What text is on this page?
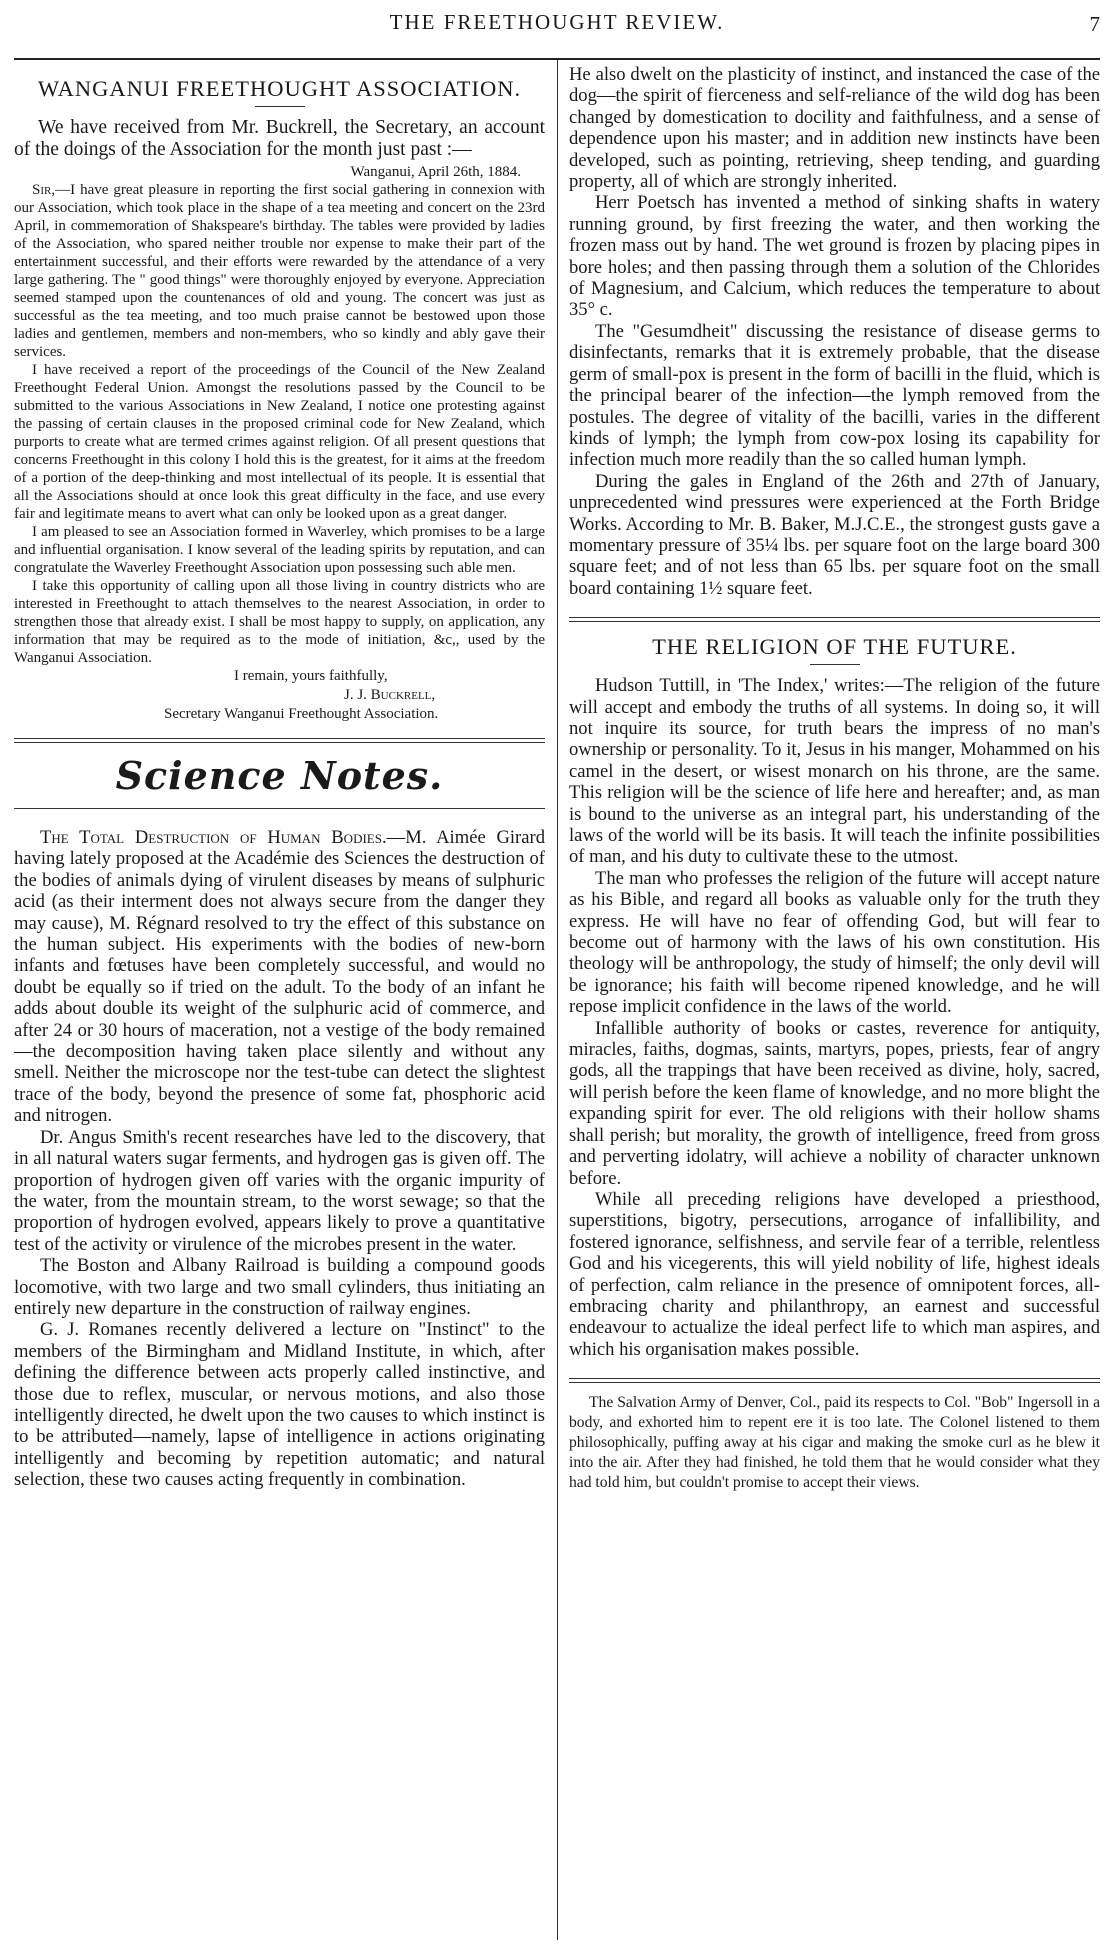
THE FREETHOUGHT REVIEW.	7
WANGANUI FREETHOUGHT ASSOCIATION.

We have received from Mr. Buckrell, the Secretary, an account of the doings of the Association for the month just past :—

Wanganui, April 26th, 1884.

Sir,—I have great pleasure in reporting the first social gathering in connexion with our Association, which took place in the shape of a tea meeting and concert on the 23rd April, in commemoration of Shakspeare's birthday. The tables were provided by ladies of the Association, who spared neither trouble nor expense to make their part of the entertainment successful, and their efforts were rewarded by the attendance of a very large gathering. The " good things" were thoroughly enjoyed by everyone. Appreciation seemed stamped upon the countenances of old and young. The concert was just as successful as the tea meeting, and too much praise cannot be bestowed upon those ladies and gentlemen, members and non-members, who so kindly and ably gave their services.

I have received a report of the proceedings of the Council of the New Zealand Freethought Federal Union. Amongst the resolutions passed by the Council to be submitted to the various Associations in New Zealand, I notice one protesting against the passing of certain clauses in the proposed criminal code for New Zealand, which purports to create what are termed crimes against religion. Of all present questions that concerns Freethought in this colony I hold this is the greatest, for it aims at the freedom of a portion of the deep-thinking and most intellectual of its people. It is essential that all the Associations should at once look this great difficulty in the face, and use every fair and legitimate means to avert what can only be looked upon as a great danger.

I am pleased to see an Association formed in Waverley, which promises to be a large and influential organisation. I know several of the leading spirits by reputation, and can congratulate the Waverley Freethought Association upon possessing such able men.

I take this opportunity of calling upon all those living in country districts who are interested in Freethought to attach themselves to the nearest Association, in order to strengthen those that already exist. I shall be most happy to supply, on application, any information that may be required as to the mode of initiation, &c,, used by the Wanganui Association.

I remain, yours faithfully,
J. J. Buckrell,
Secretary Wanganui Freethought Association.
Science Notes.

The Total Destruction of Human Bodies.—M. Aimée Girard having lately proposed at the Académie des Sciences the destruction of the bodies of animals dying of virulent diseases by means of sulphuric acid (as their interment does not always secure from the danger they may cause), M. Régnard resolved to try the effect of this substance on the human subject. His experiments with the bodies of new-born infants and fœtuses have been completely successful, and would no doubt be equally so if tried on the adult. To the body of an infant he adds about double its weight of the sulphuric acid of commerce, and after 24 or 30 hours of maceration, not a vestige of the body remained—the decomposition having taken place silently and without any smell. Neither the microscope nor the test-tube can detect the slightest trace of the body, beyond the presence of some fat, phosphoric acid and nitrogen.

Dr. Angus Smith's recent researches have led to the discovery, that in all natural waters sugar ferments, and hydrogen gas is given off. The proportion of hydrogen given off varies with the organic impurity of the water, from the mountain stream, to the worst sewage; so that the proportion of hydrogen evolved, appears likely to prove a quantitative test of the activity or virulence of the microbes present in the water.

The Boston and Albany Railroad is building a compound goods locomotive, with two large and two small cylinders, thus initiating an entirely new departure in the construction of railway engines.

G. J. Romanes recently delivered a lecture on "Instinct" to the members of the Birmingham and Midland Institute, in which, after defining the difference between acts properly called instinctive, and those due to reflex, muscular, or nervous motions, and also those intelligently directed, he dwelt upon the two causes to which instinct is to be attributed—namely, lapse of intelligence in actions originating intelligently and becoming by repetition automatic; and natural selection, these two causes acting frequently in combination.

He also dwelt on the plasticity of instinct, and instanced the case of the dog—the spirit of fierceness and self-reliance of the wild dog has been changed by domestication to docility and faithfulness, and a sense of dependence upon his master; and in addition new instincts have been developed, such as pointing, retrieving, sheep tending, and guarding property, all of which are strongly inherited.

Herr Poetsch has invented a method of sinking shafts in watery running ground, by first freezing the water, and then working the frozen mass out by hand. The wet ground is frozen by placing pipes in bore holes; and then passing through them a solution of the Chlorides of Magnesium, and Calcium, which reduces the temperature to about 35° c.

The "Gesumdheit" discussing the resistance of disease germs to disinfectants, remarks that it is extremely probable, that the disease germ of small-pox is present in the form of bacilli in the fluid, which is the principal bearer of the infection—the lymph removed from the postules. The degree of vitality of the bacilli, varies in the different kinds of lymph; the lymph from cow-pox losing its capability for infection much more readily than the so called human lymph.

During the gales in England of the 26th and 27th of January, unprecedented wind pressures were experienced at the Forth Bridge Works. According to Mr. B. Baker, M.J.C.E., the strongest gusts gave a momentary pressure of 35¼ lbs. per square foot on the large board 300 square feet; and of not less than 65 lbs. per square foot on the small board containing 1½ square feet.

THE RELIGION OF THE FUTURE.

Hudson Tuttill, in 'The Index,' writes:—The religion of the future will accept and embody the truths of all systems. In doing so, it will not inquire its source, for truth bears the impress of no man's ownership or personality. To it, Jesus in his manger, Mohammed on his camel in the desert, or wisest monarch on his throne, are the same. This religion will be the science of life here and hereafter; and, as man is bound to the universe as an integral part, his understanding of the laws of the world will be its basis. It will teach the infinite possibilities of man, and his duty to cultivate these to the utmost.

The man who professes the religion of the future will accept nature as his Bible, and regard all books as valuable only for the truth they express. He will have no fear of offending God, but will fear to become out of harmony with the laws of his own constitution. His theology will be anthropology, the study of himself; the only devil will be ignorance; his faith will become ripened knowledge, and he will repose implicit confidence in the laws of the world.

Infallible authority of books or castes, reverence for antiquity, miracles, faiths, dogmas, saints, martyrs, popes, priests, fear of angry gods, all the trappings that have been received as divine, holy, sacred, will perish before the keen flame of knowledge, and no more blight the expanding spirit for ever. The old religions with their hollow shams shall perish; but morality, the growth of intelligence, freed from gross and perverting idolatry, will achieve a nobility of character unknown before.

While all preceding religions have developed a priesthood, superstitions, bigotry, persecutions, arrogance of infallibility, and fostered ignorance, selfishness, and servile fear of a terrible, relentless God and his vicegerents, this will yield nobility of life, highest ideals of perfection, calm reliance in the presence of omnipotent forces, all-embracing charity and philanthropy, an earnest and successful endeavour to actualize the ideal perfect life to which man aspires, and which his organisation makes possible.

The Salvation Army of Denver, Col., paid its respects to Col. "Bob" Ingersoll in a body, and exhorted him to repent ere it is too late. The Colonel listened to them philosophically, puffing away at his cigar and making the smoke curl as he blew it into the air. After they had finished, he told them that he would consider what they had told him, but couldn't promise to accept their views.
